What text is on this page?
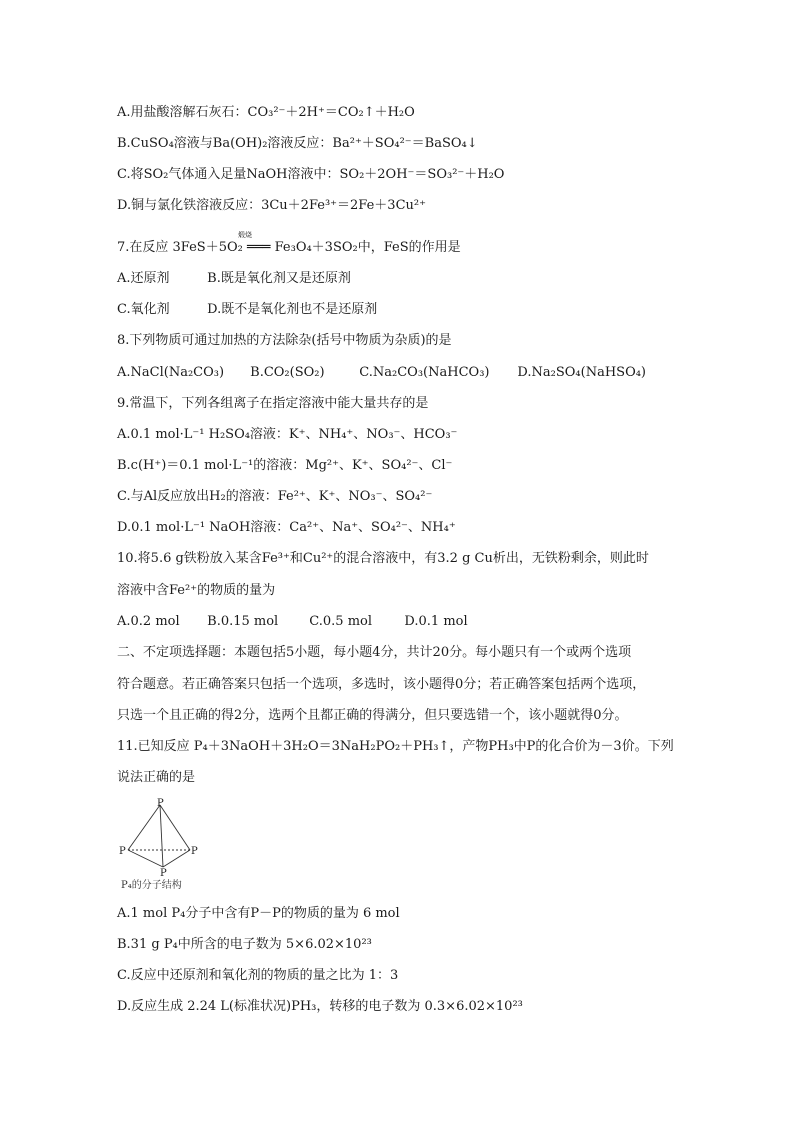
A.用盐酸溶解石灰石：CO₃²⁻＋2H⁺＝CO₂↑＋H₂O
B.CuSO₄溶液与Ba(OH)₂溶液反应：Ba²⁺＋SO₄²⁻＝BaSO₄↓
C.将SO₂气体通入足量NaOH溶液中：SO₂＋2OH⁻＝SO₃²⁻＋H₂O
D.铜与氯化铁溶液反应：3Cu＋2Fe³⁺＝2Fe＋3Cu²⁺
煅烧
7.在反应 3FeS＋5O₂ ═══ Fe₃O₄＋3SO₂中，FeS的作用是
A.还原剂	B.既是氧化剂又是还原剂
C.氧化剂	D.既不是氧化剂也不是还原剂
8.下列物质可通过加热的方法除杂(括号中物质为杂质)的是
A.NaCl(Na₂CO₃) B.CO₂(SO₂)	C.Na₂CO₃(NaHCO₃) D.Na₂SO₄(NaHSO₄)
9.常温下，下列各组离子在指定溶液中能大量共存的是
A.0.1 mol·L⁻¹ H₂SO₄溶液：K⁺、NH₄⁺、NO₃⁻、HCO₃⁻
B.c(H⁺)＝0.1 mol·L⁻¹的溶液：Mg²⁺、K⁺、SO₄²⁻、Cl⁻
C.与Al反应放出H₂的溶液：Fe²⁺、K⁺、NO₃⁻、SO₄²⁻
D.0.1 mol·L⁻¹ NaOH溶液：Ca²⁺、Na⁺、SO₄²⁻、NH₄⁺
10.将5.6 g铁粉放入某含Fe³⁺和Cu²⁺的混合溶液中，有3.2 g Cu析出，无铁粉剩余，则此时
溶液中含Fe²⁺的物质的量为
A.0.2 mol B.0.15 mol C.0.5 mol D.0.1 mol
二、不定项选择题：本题包括5小题，每小题4分，共计20分。每小题只有一个或两个选项
符合题意。若正确答案只包括一个选项，多选时，该小题得0分；若正确答案包括两个选项，
只选一个且正确的得2分，选两个且都正确的得满分，但只要选错一个，该小题就得0分。
11.已知反应 P₄＋3NaOH＋3H₂O＝3NaH₂PO₂＋PH₃↑，产物PH₃中P的化合价为－3价。下列
说法正确的是
P
P	P
P
P₄的分子结构
A.1 mol P₄分子中含有P－P的物质的量为 6 mol
B.31 g P₄中所含的电子数为 5×6.02×10²³
C.反应中还原剂和氧化剂的物质的量之比为 1：3
D.反应生成 2.24 L(标准状况)PH₃，转移的电子数为 0.3×6.02×10²³
